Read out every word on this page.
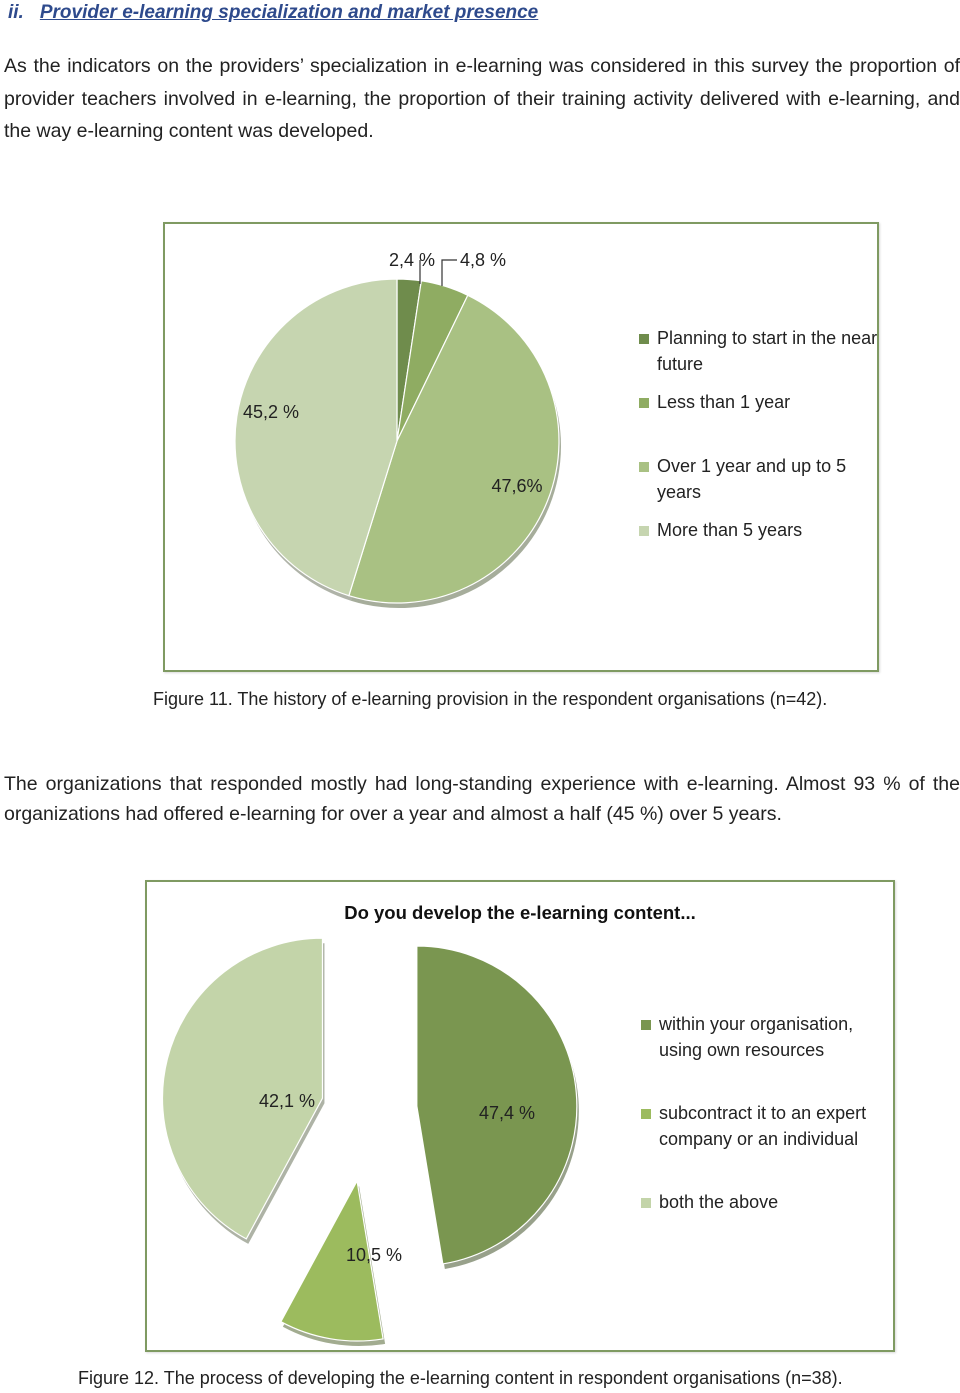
ii. Provider e-learning specialization and market presence
As the indicators on the providers’ specialization in e-learning was considered in this survey the proportion of provider teachers involved in e-learning, the proportion of their training activity delivered with e-learning, and the way e-learning content was developed.
2,4 % 4,8 %
47,6%
45,2 %
Planning to start in the near future
Less than 1 year
Over 1 year and up to 5 years
More than 5 years
Figure 11. The history of e-learning provision in the respondent organisations (n=42).
The organizations that responded mostly had long-standing experience with e-learning. Almost 93 % of the organizations had offered e-learning for over a year and almost a half (45 %) over 5 years.
Do you develop the e-learning content...
47,4 %
10,5 %
42,1 %
within your organisation, using own resources
subcontract it to an expert company or an individual
both the above
Figure 12. The process of developing the e-learning content in respondent organisations (n=38).
